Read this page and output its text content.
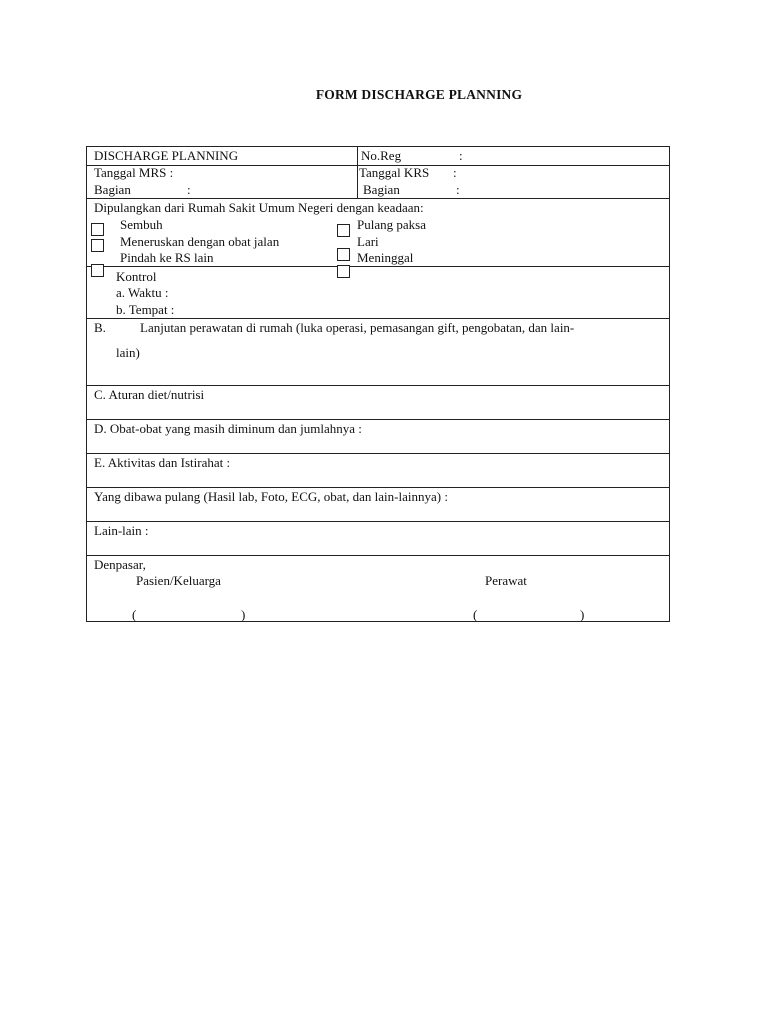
FORM DISCHARGE PLANNING
DISCHARGE PLANNING	No.Reg	:
Tanggal MRS :	Tanggal KRS :
Bagian	:	Bagian	:
Dipulangkan dari Rumah Sakit Umum Negeri dengan keadaan:
Sembuh
Meneruskan dengan obat jalan
Pindah ke RS lain
Pulang paksa
Lari
Meninggal
Kontrol
a. Waktu :
b. Tempat :
B.	Lanjutan perawatan di rumah (luka operasi, pemasangan gift, pengobatan, dan lain-
lain)
C. Aturan diet/nutrisi
D. Obat-obat yang masih diminum dan jumlahnya :
E. Aktivitas dan Istirahat :
Yang dibawa pulang (Hasil lab, Foto, ECG, obat, dan lain-lainnya) :
Lain-lain :
Denpasar,
Pasien/Keluarga	Perawat
(	)	(	)
